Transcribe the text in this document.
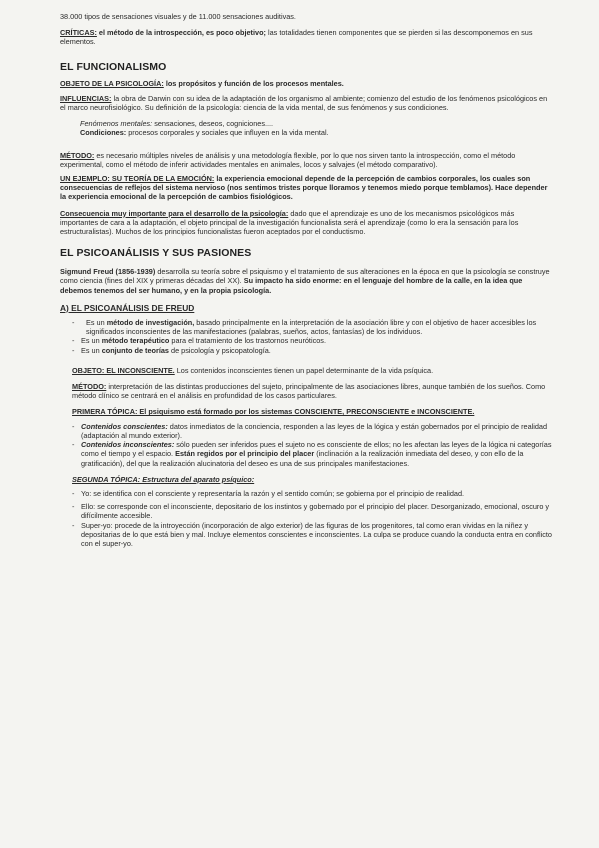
38.000 tipos de sensaciones visuales y de 11.000 sensaciones auditivas.

CRÍTICAS: el método de la introspección, es poco objetivo; las totalidades tienen componentes que se pierden si las descomponemos en sus elementos.

EL FUNCIONALISMO

OBJETO DE LA PSICOLOGÍA: los propósitos y función de los procesos mentales.

INFLUENCIAS: la obra de Darwin con su idea de la adaptación de los organismo al ambiente; comienzo del estudio de los fenómenos psicológicos en el marco neurofisiológico. Su definición de la psicología: ciencia de la vida mental, de sus fenómenos y sus condiciones.

Fenómenos mentales: sensaciones, deseos, cogniciones....

Condiciones: procesos corporales y sociales que influyen en la vida mental.

MÉTODO: es necesario múltiples niveles de análisis y una metodología flexible, por lo que nos sirven tanto la introspección, como el método experimental, como el método de inferir actividades mentales en animales, locos y salvajes (el método comparativo).

UN EJEMPLO: SU TEORÍA DE LA EMOCIÓN: la experiencia emocional depende de la percepción de cambios corporales, los cuales son consecuencias de reflejos del sistema nervioso (nos sentimos tristes porque lloramos y tenemos miedo porque temblamos). Hace depender la experiencia emocional de la percepción de cambios fisiológicos.

Consecuencia muy importante para el desarrollo de la psicología: dado que el aprendizaje es uno de los mecanismos psicológicos más importantes de cara a la adaptación, el objeto principal de la investigación funcionalista será el aprendizaje (como lo era la sensación para los estructuralistas). Muchos de los principios funcionalistas fueron aceptados por el conductismo.

EL PSICOANÁLISIS Y SUS PASIONES

Sigmund Freud (1856-1939) desarrolla su teoría sobre el psiquismo y el tratamiento de sus alteraciones en la época en que la psicología se construye como ciencia (fines del XIX y primeras décadas del XX). Su impacto ha sido enorme: en el lenguaje del hombre de la calle, en la idea que debemos tenemos del ser humano, y en la propia psicología.

A) EL PSICOANÁLISIS DE FREUD

- Es un método de investigación, basado principalmente en la interpretación de la asociación libre y con el objetivo de hacer accesibles los significados inconscientes de las manifestaciones (palabras, sueños, actos, fantasías) de los individuos.

- Es un método terapéutico para el tratamiento de los trastornos neuróticos.

- Es un conjunto de teorías de psicología y psicopatología.

OBJETO: EL INCONSCIENTE. Los contenidos inconscientes tienen un papel determinante de la vida psíquica.

MÉTODO: interpretación de las distintas producciones del sujeto, principalmente de las asociaciones libres, aunque también de los sueños. Como método clínico se centrará en el análisis en profundidad de los casos particulares.

PRIMERA TÓPICA: El psiquismo está formado por los sistemas CONSCIENTE, PRECONSCIENTE e INCONSCIENTE.

- Contenidos conscientes: datos inmediatos de la conciencia, responden a las leyes de la lógica y están gobernados por el principio de realidad (adaptación al mundo exterior).

- Contenidos inconscientes: sólo pueden ser inferidos pues el sujeto no es consciente de ellos; no les afectan las leyes de la lógica ni categorías como el tiempo y el espacio. Están regidos por el principio del placer (inclinación a la realización inmediata del deseo, y con ello de la gratificación), del que la realización alucinatoria del deseo es una de sus principales manifestaciones.

SEGUNDA TÓPICA: Estructura del aparato psíquico:

- Yo: se identifica con el consciente y representaría la razón y el sentido común; se gobierna por el principio de realidad.

- Ello: se corresponde con el inconsciente, depositario de los instintos y gobernado por el principio del placer. Desorganizado, emocional, oscuro y difícilmente accesible.

- Super-yo: procede de la introyección (incorporación de algo exterior) de las figuras de los progenitores, tal como eran vividas en la niñez y depositarias de lo que está bien y mal. Incluye elementos conscientes e inconscientes. La culpa se produce cuando la conducta entra en conflicto con el super-yo.
